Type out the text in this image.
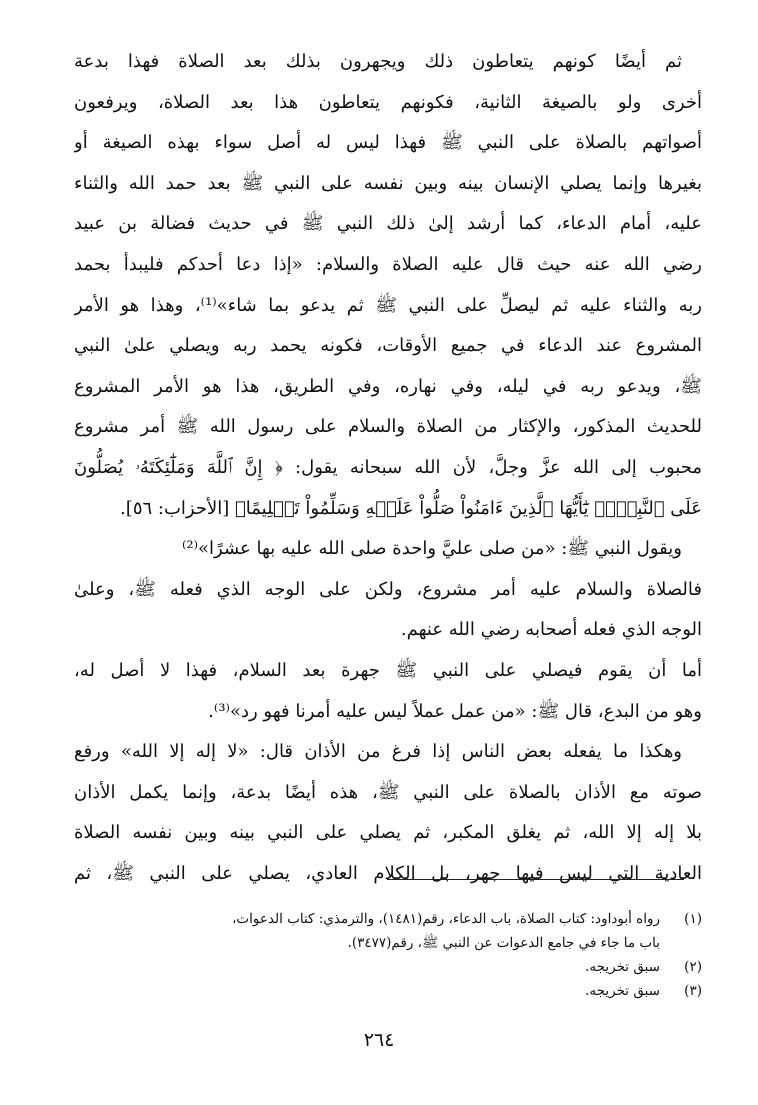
ثم أيضًا كونهم يتعاطون ذلك ويجهرون بذلك بعد الصلاة فهذا بدعة
أخرى ولو بالصيغة الثانية، فكونهم يتعاطون هذا بعد الصلاة، ويرفعون
أصواتهم بالصلاة على النبي ﷺ فهذا ليس له أصل سواء بهذه الصيغة أو
بغيرها وإنما يصلي الإنسان بينه وبين نفسه على النبي ﷺ بعد حمد الله والثناء
عليه، أمام الدعاء، كما أرشد إلىٰ ذلك النبي ﷺ في حديث فضالة بن عبيد
رضي الله عنه حيث قال عليه الصلاة والسلام: «إذا دعا أحدكم فليبدأ بحمد
ربه والثناء عليه ثم ليصلِّ على النبي ﷺ ثم يدعو بما شاء»⁽¹⁾، وهذا هو الأمر
المشروع عند الدعاء في جميع الأوقات، فكونه يحمد ربه ويصلي علىٰ النبي
ﷺ، ويدعو ربه في ليله، وفي نهاره، وفي الطريق، هذا هو الأمر المشروع
للحديث المذكور، والإكثار من الصلاة والسلام على رسول الله ﷺ أمر مشروع
محبوب إلى الله عزَّ وجلَّ، لأن الله سبحانه يقول: ﴿ إِنَّ ٱللَّهَ وَمَلَٰٓئِكَتَهُۥ يُصَلُّونَ
عَلَى ٱلنَّبِيِّۚ يَٰٓأَيُّهَا ٱلَّذِينَ ءَامَنُواْ صَلُّواْ عَلَيۡهِ وَسَلِّمُواْ تَسۡلِيمًا﴾ [الأحزاب: ٥٦].
ويقول النبي ﷺ: «من صلى عليَّ واحدة صلى الله عليه بها عشرًا»⁽²⁾
فالصلاة والسلام عليه أمر مشروع، ولكن على الوجه الذي فعله ﷺ، وعلىٰ
الوجه الذي فعله أصحابه رضي الله عنهم.
أما أن يقوم فيصلي على النبي ﷺ جهرة بعد السلام، فهذا لا أصل له،
وهو من البدع، قال ﷺ: «من عمل عملاً ليس عليه أمرنا فهو رد»⁽³⁾.
وهكذا ما يفعله بعض الناس إذا فرغ من الأذان قال: «لا إله إلا الله» ورفع
صوته مع الأذان بالصلاة على النبي ﷺ، هذه أيضًا بدعة، وإنما يكمل الأذان
بلا إله إلا الله، ثم يغلق المكبر، ثم يصلي على النبي بينه وبين نفسه الصلاة
العادية التي ليس فيها جهر، بل الكلام العادي، يصلي على النبي ﷺ، ثم
(١)
رواه أبوداود: كتاب الصلاة، باب الدعاء، رقم(١٤٨١)، والترمذي: كتاب الدعوات،
باب ما جاء في جامع الدعوات عن النبي ﷺ، رقم(٣٤٧٧).
(٢)
سبق تخريجه.
(٣)
سبق تخريجه.
٢٦٤
